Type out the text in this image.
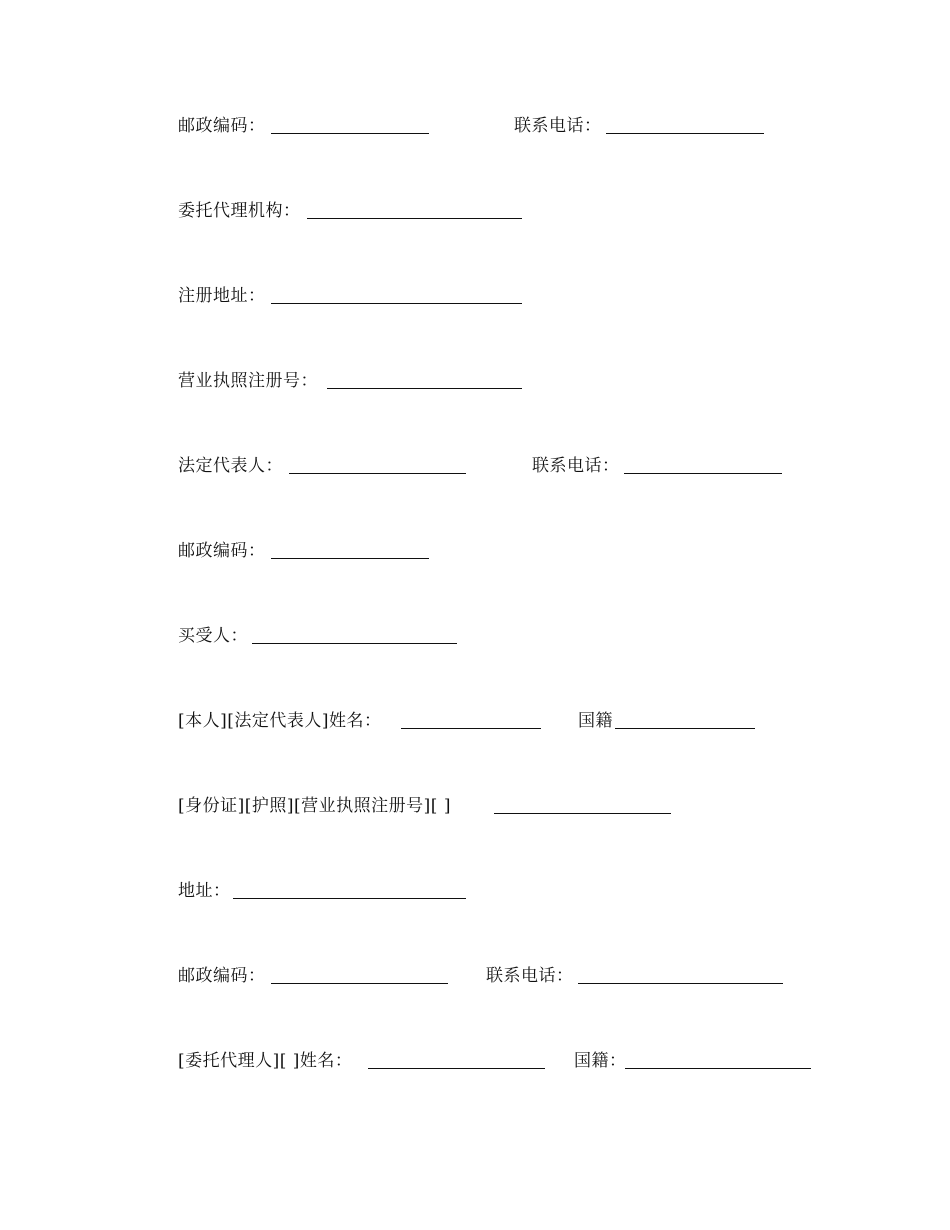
邮政编码：	联系电话：
委托代理机构：
注册地址：
营业执照注册号：
法定代表人：	联系电话：
邮政编码：
买受人：
[本人][法定代表人]姓名：	国籍
[身份证][护照][营业执照注册号][ ]
地址：
邮政编码：	联系电话：
[委托代理人][ ]姓名：	国籍：
